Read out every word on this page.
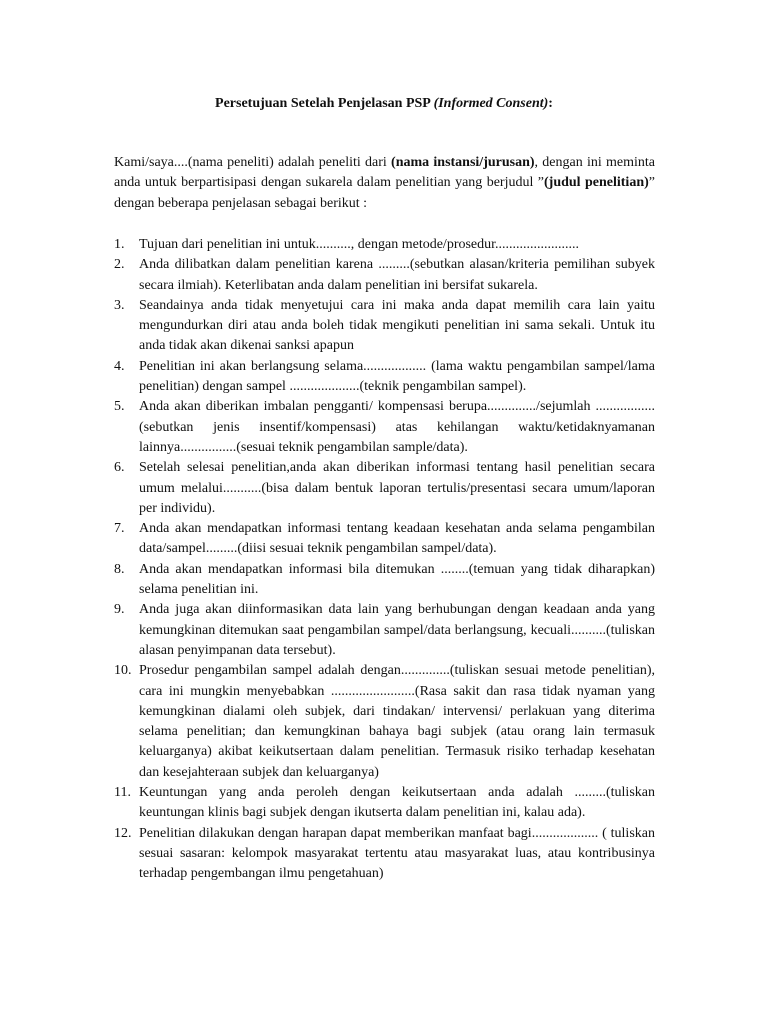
Persetujuan Setelah Penjelasan PSP (Informed Consent):

Kami/saya....(nama peneliti) adalah peneliti dari (nama instansi/jurusan), dengan ini meminta anda untuk berpartisipasi dengan sukarela dalam penelitian yang berjudul ”(judul penelitian)” dengan beberapa penjelasan sebagai berikut :

1. Tujuan dari penelitian ini untuk.........., dengan metode/prosedur........................
2. Anda dilibatkan dalam penelitian karena .........(sebutkan alasan/kriteria pemilihan subyek secara ilmiah). Keterlibatan anda dalam penelitian ini bersifat sukarela.
3. Seandainya anda tidak menyetujui cara ini maka anda dapat memilih cara lain yaitu mengundurkan diri atau anda boleh tidak mengikuti penelitian ini sama sekali. Untuk itu anda tidak akan dikenai sanksi apapun
4. Penelitian ini akan berlangsung selama.................. (lama waktu pengambilan sampel/lama penelitian) dengan sampel ....................(teknik pengambilan sampel).
5. Anda akan diberikan imbalan pengganti/ kompensasi berupa............../sejumlah .................(sebutkan jenis insentif/kompensasi) atas kehilangan waktu/ketidaknyamanan lainnya................(sesuai teknik pengambilan sample/data).
6. Setelah selesai penelitian,anda akan diberikan informasi tentang hasil penelitian secara umum melalui...........(bisa dalam bentuk laporan tertulis/presentasi secara umum/laporan per individu).
7. Anda akan mendapatkan informasi tentang keadaan kesehatan anda selama pengambilan data/sampel.........(diisi sesuai teknik pengambilan sampel/data).
8. Anda akan mendapatkan informasi bila ditemukan ........(temuan yang tidak diharapkan) selama penelitian ini.
9. Anda juga akan diinformasikan data lain yang berhubungan dengan keadaan anda yang kemungkinan ditemukan saat pengambilan sampel/data berlangsung, kecuali..........(tuliskan alasan penyimpanan data tersebut).
10. Prosedur pengambilan sampel adalah dengan..............(tuliskan sesuai metode penelitian), cara ini mungkin menyebabkan ........................(Rasa sakit dan rasa tidak nyaman yang kemungkinan dialami oleh subjek, dari tindakan/ intervensi/ perlakuan yang diterima selama penelitian; dan kemungkinan bahaya bagi subjek (atau orang lain termasuk keluarganya) akibat keikutsertaan dalam penelitian. Termasuk risiko terhadap kesehatan dan kesejahteraan subjek dan keluarganya)
11. Keuntungan yang anda peroleh dengan keikutsertaan anda adalah .........(tuliskan keuntungan klinis bagi subjek dengan ikutserta dalam penelitian ini, kalau ada).
12. Penelitian dilakukan dengan harapan dapat memberikan manfaat bagi................... ( tuliskan sesuai sasaran: kelompok masyarakat tertentu atau masyarakat luas, atau kontribusinya terhadap pengembangan ilmu pengetahuan)
